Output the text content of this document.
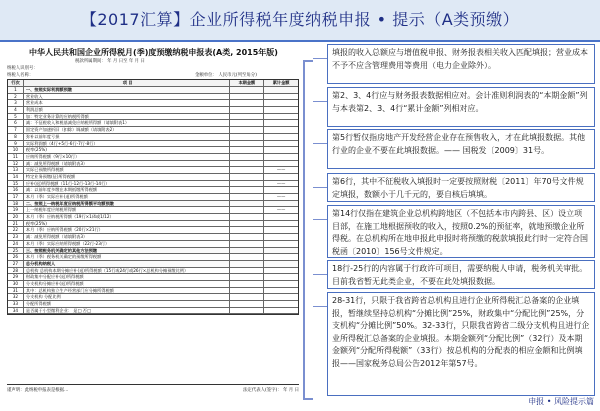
【2017汇算】企业所得税年度纳税申报 • 提示（A类预缴）
中华人民共和国企业所得税月(季)度预缴纳税申报表(A类, 2015年版)
税款所属期间： 年 月 日至 年 月 日
纳税人识别号：
纳税人名称：	金额单位： 人民币元(列至角分)
行次	项 目	本期金额	累计金额
1	一、按照实际利润额预缴
2	营业收入
3	营业成本
4	利润总额
5	加：特定业务计算的应纳税所得额
6	减：不征税收入和税基减免应纳税所得额（请填附表1）
7	固定资产加速折旧（扣除）调减额（请填附表2）
8	弥补以前年度亏损
9	实际利润额（4行+5行-6行-7行-8行）
10	税率(25%)
11	应纳所得税额（9行×10行）
12	减：减免所得税额（请填附表3）
13	实际已预缴所得税额	——
14	特定业务预缴(征)所得税额
15	应补(退)所得税额（11行-12行-13行-14行）	——
16	减：以前年度多缴在本期抵缴所得税额
17	本月（季）实际应补(退)所得税额	——
18	二、按照上一纳税年度应纳税所得额平均额预缴
19	上一纳税年度应纳税所得额	——
20	本月（季）应纳税所得额（19行×1/4或1/12）
21	税率(25%)
22	本月（季）应纳所得税额（20行×21行）
23	减：减免所得税额（请填附表3）
24	本月（季）实际应纳所得税额（22行-23行）
25	三、按照税务机关确定的其他方法预缴
26	本月（季）税务机关确定的预缴所得税额
27	总分机构纳税人
28	总机构 总机构本期分摊应补(退)所得税额（15行或24行或26行×总机构分摊预缴比例）
29	财政集中分配应补(退)所得税额
30	分支机构分摊应补(退)所得税额
31	其中：总机构独立生产经营部门应分摊所得税额
32	分支机构 分配比例
33	分配所得税额
34	是否属于小型微利企业： 是□ 否□
谨声明：此纳税申报表是根据...	法定代表人(签字)： 年 月 日
填报的收入总额应与增值税申报、财务报表相关收入匹配填报；营业成本不予不应含管理费用等费用（电力企业除外）。
第2、3、4行应与财务报表数据相应对。会计准则利润表的“本期金额”列与本表第2、3、4行“累计金额”列相对应。
第5行暂仅指房地产开发经营企业存在预售收入，才在此填报数据。其他行业的企业不要在此填报数据。—— 国税发〔2009〕31号。
第6行，其中不征税收入填报时一定要按照财税〔2011〕年70号文件规定填报，数额小于几千元的，要自核后填填。
第14行仅指在建筑企业总机构跨地区（不包括本市内跨县、区）设立项目部，在施工地根据预收的收入，按照0.2%的预征率，就地预缴企业所得税。在总机构所在地申报此申报时将预缴的税款填报此行时一定符合国税函〔2010〕156号文件规定。
18行-25行的内容属于行政许可项目，需要纳税人申请，税务机关审批。目前我省暂无此类企业，不要在此处填报数据。
28-31行，只限于我省跨省总机构且进行企业所得税汇总备案的企业填报，暂继续坚持总机构“分摊比例”25%，财政集中“分配比例”25%，分支机构“分摊比例”50%。32-33行，只限我省跨省二级分支机构且进行企业所得税汇总备案的企业填报。本期金额列“分配比例”（32行）及本期金额列“分配所得税额”（33行）按总机构的分配表的相应金额和比例填报——国家税务总局公告2012年第57号。
申报 • 风险提示篇
